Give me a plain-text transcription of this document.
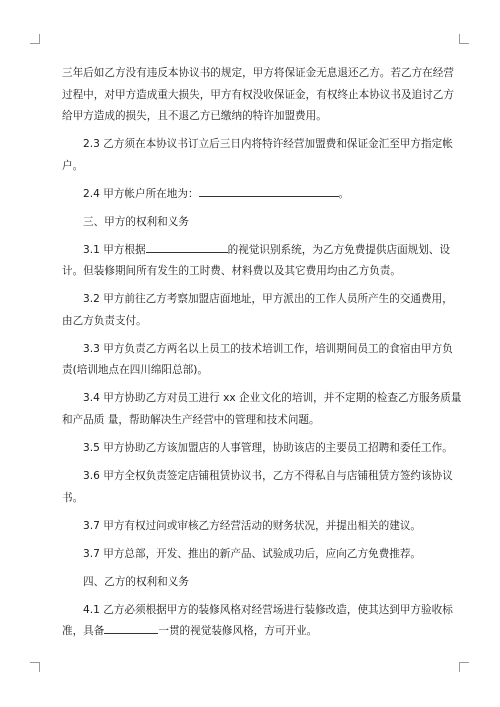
三年后如乙方没有违反本协议书的规定，甲方将保证金无息退还乙方。若乙方在经营
过程中，对甲方造成重大损失，甲方有权没收保证金，有权终止本协议书及追讨乙方
给甲方造成的损失，且不退乙方已缴纳的特许加盟费用。
2.3 乙方须在本协议书订立后三日内将特许经营加盟费和保证金汇至甲方指定帐
户。
2.4 甲方帐户所在地为：	。
三、甲方的权利和义务
3.1 甲方根据	的视觉识别系统，为乙方免费提供店面规划、设
计。但装修期间所有发生的工时费、材料费以及其它费用均由乙方负责。
3.2 甲方前往乙方考察加盟店面地址，甲方派出的工作人员所产生的交通费用，
由乙方负责支付。
3.3 甲方负责乙方两名以上员工的技术培训工作，培训期间员工的食宿由甲方负
责(培训地点在四川绵阳总部)。
3.4 甲方协助乙方对员工进行 xx 企业文化的培训，并不定期的检查乙方服务质量
和产品质 量，帮助解决生产经营中的管理和技术问题。
3.5 甲方协助乙方该加盟店的人事管理，协助该店的主要员工招聘和委任工作。
3.6 甲方全权负责签定店铺租赁协议书，乙方不得私自与店铺租赁方签约该协议
书。
3.7 甲方有权过问或审核乙方经营活动的财务状况，并提出相关的建议。
3.7 甲方总部，开发、推出的新产品、试验成功后，应向乙方免费推荐。
四、乙方的权利和义务
4.1 乙方必须根据甲方的装修风格对经营场进行装修改造，使其达到甲方验收标
准，具备	一贯的视觉装修风格，方可开业。
